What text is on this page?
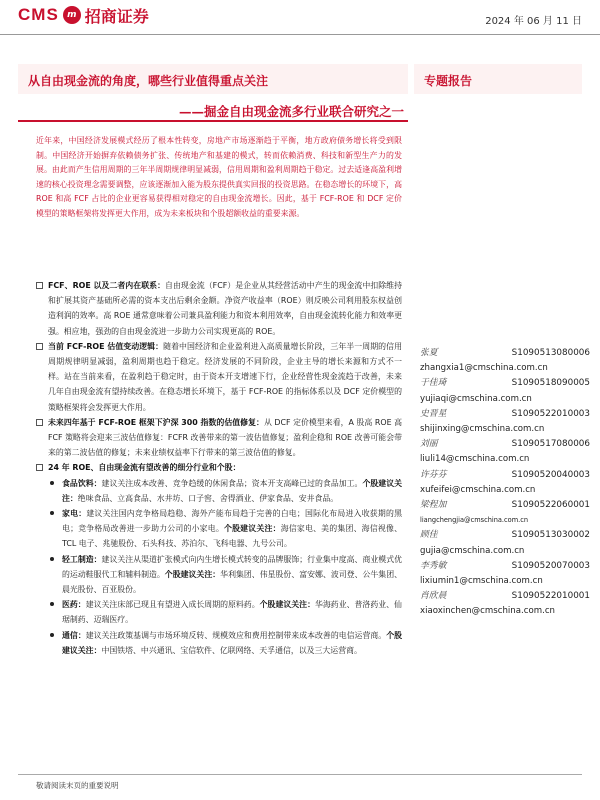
CMS m 招商证券	2024 年 06 月 11 日
从自由现金流的角度，哪些行业值得重点关注
——掘金自由现金流多行业联合研究之一
专题报告
近年来，中国经济发展模式经历了根本性转变，房地产市场逐渐趋于平衡，地方政府债务增长将受到限制。中国经济开始摒弃依赖债务扩张、传统地产和基建的模式，转而依赖消费、科技和新型生产力的发展。由此而产生信用周期的三年半周期规律明显减弱，信用周期和盈利周期趋于稳定。过去适逢高盈利增速的核心投资理念需要调整，应该逐渐加入能为股东提供真实回报的投资思路。在稳态增长的环境下，高 ROE 和高 FCF 占比的企业更容易获得相对稳定的自由现金流增长。因此，基于 FCF-ROE 和 DCF 定价模型的策略框架将发挥更大作用，成为未来板块和个股超额收益的重要来源。

FCF、ROE 以及二者内在联系：自由现金流（FCF）是企业从其经营活动中产生的现金流中扣除维持和扩展其资产基础所必需的资本支出后剩余金额。净资产收益率（ROE）则反映公司利用股东权益创造利润的效率。高 ROE 通常意味着公司兼具盈利能力和资本利用效率，自由现金流转化能力和效率更强。相应地，强劲的自由现金流进一步助力公司实现更高的 ROE。

当前 FCF-ROE 估值变动逻辑：随着中国经济和企业盈利进入高质量增长阶段，三年半一周期的信用周期规律明显减弱，盈利周期也趋于稳定。经济发展的不同阶段，企业主导的增长来源和方式不一样。站在当前来看，在盈利趋于稳定时，由于资本开支增速下行，企业经营性现金流趋于改善，未来几年自由现金流有望持续改善。在稳态增长环境下，基于 FCF-ROE 的指标体系以及 DCF 定价模型的策略框架将会发挥更大作用。

未来四年基于 FCF-ROE 框架下沪深 300 指数的估值修复：从 DCF 定价模型来看，A 股高 ROE 高 FCF 策略将会迎来三波估值修复：FCFR 改善带来的第一波估值修复；盈利企稳和 ROE 改善可能会带来的第二波估值的修复；未来业绩权益率下行带来的第三波估值的修复。

24 年 ROE、自由现金流有望改善的细分行业和个股：

食品饮料：建议关注成本改善、竞争趋缓的休闲食品；资本开支高峰已过的食品加工。个股建议关注：绝味食品、立高食品、水井坊、口子窖、舍得酒业、伊家食品、安井食品。

家电：建议关注国内竞争格局趋稳、海外产能布局趋于完善的白电；国际化布局进入收获期的黑电；竞争格局改善进一步助力公司的小家电。个股建议关注：海信家电、美的集团、海信视像、TCL 电子、兆驰股份、石头科技、苏泊尔、飞科电器、九号公司。

轻工制造：建议关注从渠道扩张模式向内生增长模式转变的品牌服饰；行业集中度高、商业模式优的运动鞋服代工和辅料制造。个股建议关注：华利集团、伟星股份、富安娜、波司登、公牛集团、晨光股份、百亚股份。

医药：建议关注床部已现且有望进入成长周期的原料药。个股建议关注：华海药业、普洛药业、仙琚制药、迈瑞医疗。

通信：建议关注政策基调与市场环境反转、规模效应和费用控制带来成本改善的电信运营商。个股建议关注：中国铁塔、中兴通讯、宝信软件、亿联网络、天孚通信，以及三大运营商。

张夏	S1090513080006
zhangxia1@cmschina.com.cn
于佳琦	S1090518090005
yujiaqi@cmschina.com.cn
史晋星	S1090522010003
shijinxing@cmschina.com.cn
刘丽	S1090517080006
liuli14@cmschina.com.cn
许芬芬	S1090520040003
xufeifei@cmschina.com.cn
梁程加	S1090522060001
liangchengjia@cmschina.com.cn
顾佳	S1090513030002
gujia@cmschina.com.cn
李秀敏	S1090520070003
lixiumin1@cmschina.com.cn
肖欣晨	S1090522010001
xiaoxinchen@cmschina.com.cn
敬请阅读末页的重要说明
